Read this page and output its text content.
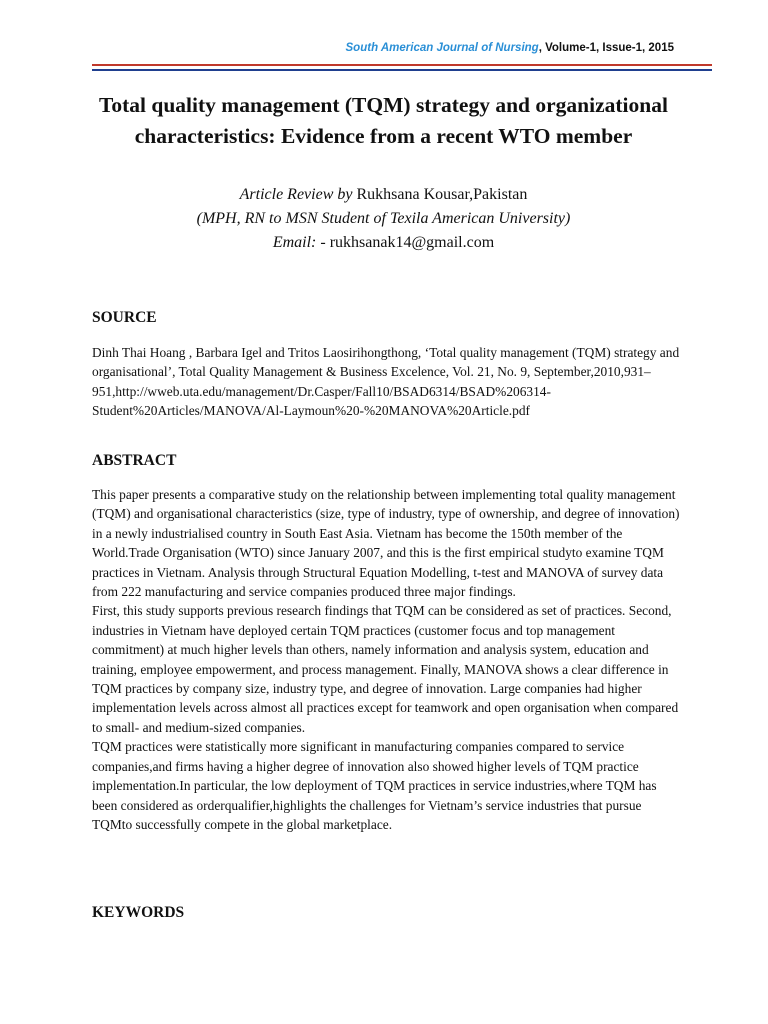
South American Journal of Nursing, Volume-1, Issue-1, 2015
Total quality management (TQM) strategy and organizational characteristics: Evidence from a recent WTO member
Article Review by Rukhsana Kousar,Pakistan
(MPH, RN to MSN Student of Texila American University)
Email: - rukhsanak14@gmail.com
SOURCE

Dinh Thai Hoang , Barbara Igel and Tritos Laosirihongthong, ‘Total quality management (TQM) strategy and organisational’, Total Quality Management & Business Excelence, Vol. 21, No. 9, September,2010,931–951,http://wweb.uta.edu/management/Dr.Casper/Fall10/BSAD6314/BSAD%206314-Student%20Articles/MANOVA/Al-Laymoun%20-%20MANOVA%20Article.pdf

ABSTRACT

This paper presents a comparative study on the relationship between implementing total quality management (TQM) and organisational characteristics (size, type of industry, type of ownership, and degree of innovation) in a newly industrialised country in South East Asia. Vietnam has become the 150th member of the World.Trade Organisation (WTO) since January 2007, and this is the first empirical studyto examine TQM practices in Vietnam. Analysis through Structural Equation Modelling, t-test and MANOVA of survey data from 222 manufacturing and service companies produced three major findings.

First, this study supports previous research findings that TQM can be considered as set of practices. Second, industries in Vietnam have deployed certain TQM practices (customer focus and top management commitment) at much higher levels than others, namely information and analysis system, education and training, employee empowerment, and process management. Finally, MANOVA shows a clear difference in TQM practices by company size, industry type, and degree of innovation. Large companies had higher implementation levels across almost all practices except for teamwork and open organisation when compared to small- and medium-sized companies.

TQM practices were statistically more significant in manufacturing companies compared to service companies,and firms having a higher degree of innovation also showed higher levels of TQM practice implementation.In particular, the low deployment of TQM practices in service industries,where TQM has been considered as orderqualifier,highlights the challenges for Vietnam’s service industries that pursue TQMto successfully compete in the global marketplace.

KEYWORDS
